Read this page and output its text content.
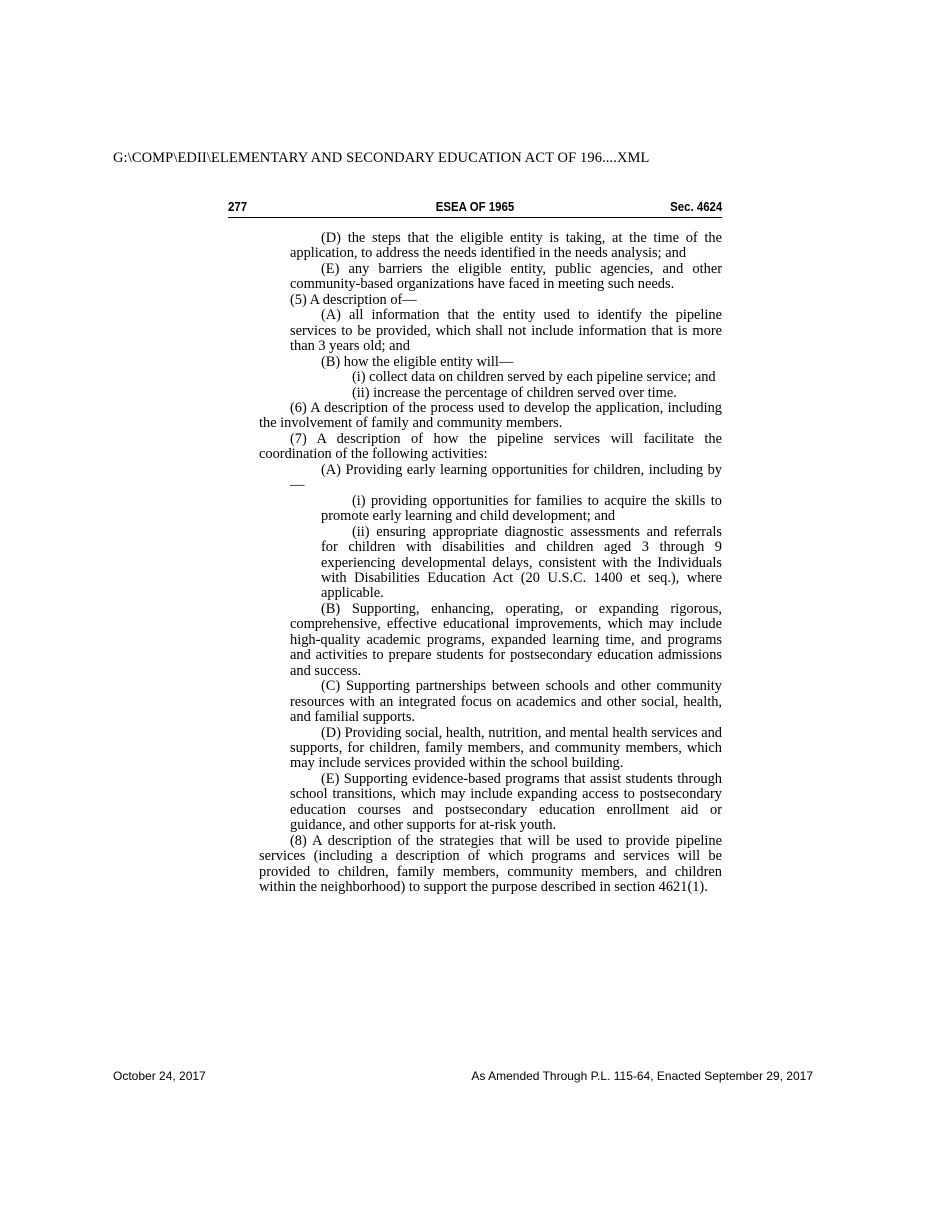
G:\COMP\EDII\ELEMENTARY AND SECONDARY EDUCATION ACT OF 196....XML
277	ESEA OF 1965	Sec. 4624

(D) the steps that the eligible entity is taking, at the time of the application, to address the needs identified in the needs analysis; and

(E) any barriers the eligible entity, public agencies, and other community-based organizations have faced in meeting such needs.

(5) A description of—

(A) all information that the entity used to identify the pipeline services to be provided, which shall not include information that is more than 3 years old; and

(B) how the eligible entity will—

(i) collect data on children served by each pipeline service; and

(ii) increase the percentage of children served over time.

(6) A description of the process used to develop the application, including the involvement of family and community members.

(7) A description of how the pipeline services will facilitate the coordination of the following activities:

(A) Providing early learning opportunities for children, including by—

(i) providing opportunities for families to acquire the skills to promote early learning and child development; and

(ii) ensuring appropriate diagnostic assessments and referrals for children with disabilities and children aged 3 through 9 experiencing developmental delays, consistent with the Individuals with Disabilities Education Act (20 U.S.C. 1400 et seq.), where applicable.

(B) Supporting, enhancing, operating, or expanding rigorous, comprehensive, effective educational improvements, which may include high-quality academic programs, expanded learning time, and programs and activities to prepare students for postsecondary education admissions and success.

(C) Supporting partnerships between schools and other community resources with an integrated focus on academics and other social, health, and familial supports.

(D) Providing social, health, nutrition, and mental health services and supports, for children, family members, and community members, which may include services provided within the school building.

(E) Supporting evidence-based programs that assist students through school transitions, which may include expanding access to postsecondary education courses and postsecondary education enrollment aid or guidance, and other supports for at-risk youth.

(8) A description of the strategies that will be used to provide pipeline services (including a description of which programs and services will be provided to children, family members, community members, and children within the neighborhood) to support the purpose described in section 4621(1).

October 24, 2017	As Amended Through P.L. 115-64, Enacted September 29, 2017
